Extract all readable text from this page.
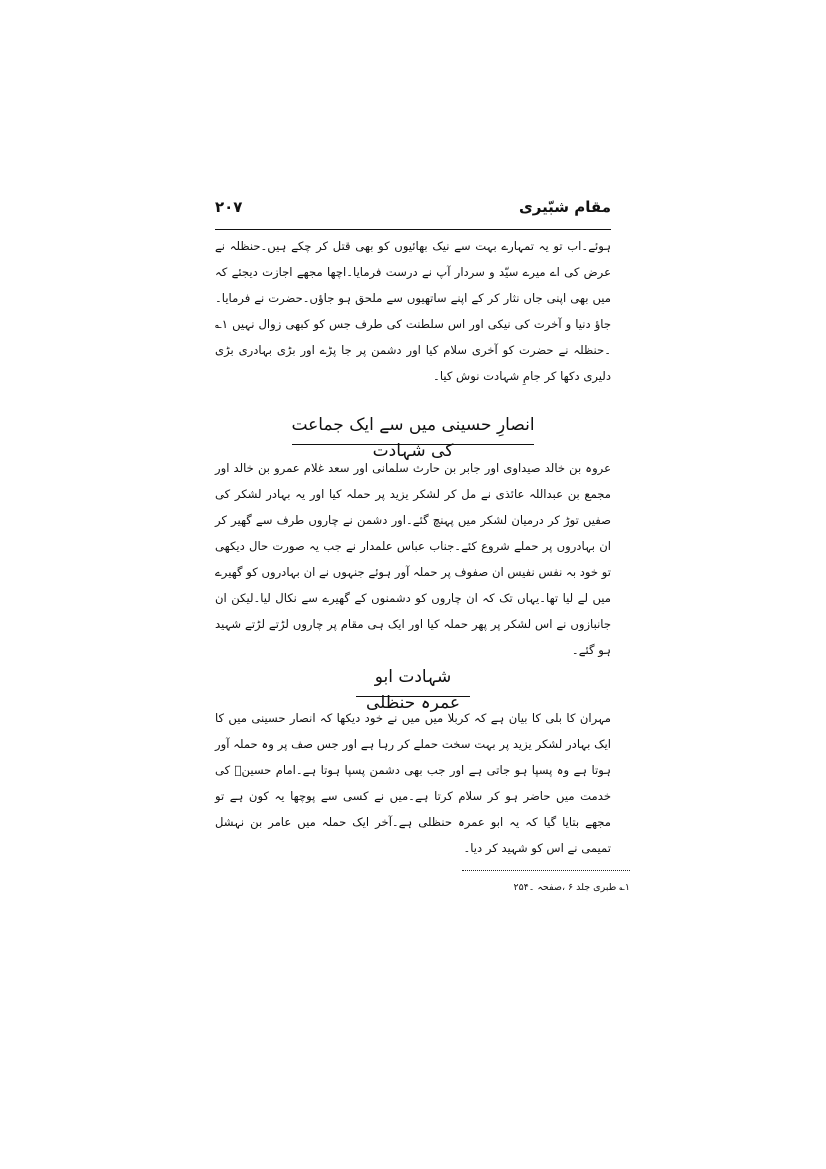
۲۰۷	مقام شبّیری

ہوئے۔اب تو یہ تمہارے بہت سے نیک بھائیوں کو بھی قتل کر چکے ہیں۔حنظلہ نے عرض کی اے میرے سیّد و سردار آپ نے درست فرمایا۔اچھا مجھے اجازت دیجئے کہ میں بھی اپنی جاں نثار کر کے اپنے ساتھیوں سے ملحق ہو جاؤں۔حضرت نے فرمایا۔جاؤ دنیا و آخرت کی نیکی اور اس سلطنت کی طرف جس کو کبھی زوال نہیں ۱؎ ۔حنظلہ نے حضرت کو آخری سلام کیا اور دشمن پر جا پڑے اور بڑی بہادری بڑی دلیری دکھا کر جامِ شہادت نوش کیا۔

انصارِ حسینی میں سے ایک جماعت کی شہادت

عروہ بن خالد صیداوی اور جابر بن حارث سلمانی اور سعد غلام عمرو بن خالد اور مجمع بن عبداللہ عائذی نے مل کر لشکر یزید پر حملہ کیا اور یہ بہادر لشکر کی صفیں توڑ کر درمیان لشکر میں پہنچ گئے۔اور دشمن نے چاروں طرف سے گھیر کر ان بہادروں پر حملے شروع کئے۔جناب عباس علمدار نے جب یہ صورت حال دیکھی تو خود بہ نفس نفیس ان صفوف پر حملہ آور ہوئے جنہوں نے ان بہادروں کو گھیرے میں لے لیا تھا۔یہاں تک کہ ان چاروں کو دشمنوں کے گھیرے سے نکال لیا۔لیکن ان جانبازوں نے اس لشکر پر پھر حملہ کیا اور ایک ہی مقام پر چاروں لڑتے لڑتے شہید ہو گئے۔

شہادت ابو عمرہ حنظلی

مہران کا بلی کا بیان ہے کہ کربلا میں میں نے خود دیکھا کہ انصار حسینی میں کا ایک بہادر لشکر یزید پر بہت سخت حملے کر رہا ہے اور جس صف پر وہ حملہ آور ہوتا ہے وہ پسپا ہو جاتی ہے اور جب بھی دشمن پسپا ہوتا ہے۔امام حسینؑ کی خدمت میں حاضر ہو کر سلام کرتا ہے۔میں نے کسی سے پوچھا یہ کون ہے تو مجھے بتایا گیا کہ یہ ابو عمرہ حنظلی ہے۔آخر ایک حملہ میں عامر بن نہشل تمیمی نے اس کو شہید کر دیا۔

۱؎ طبری جلد ۶ ،صفحہ ۔۲۵۴
